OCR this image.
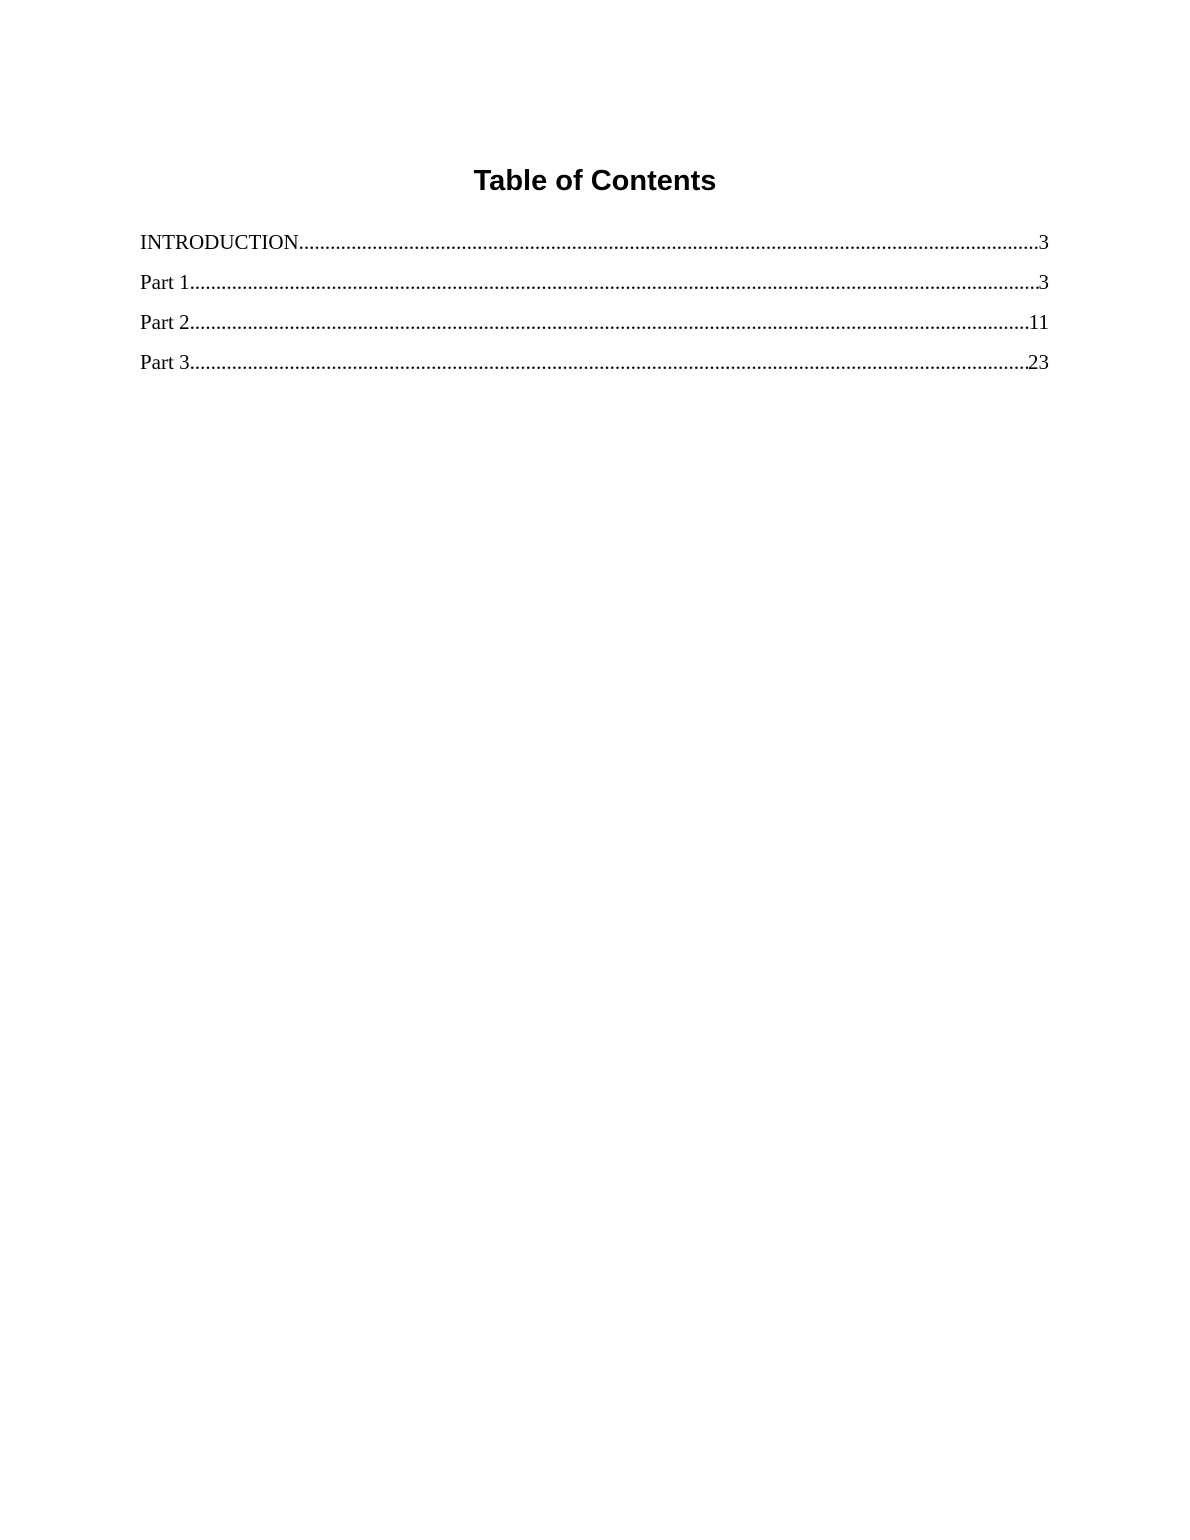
Table of Contents
INTRODUCTION .....	3
Part 1 .....	3
Part 2 .....	11
Part 3 .....	23
